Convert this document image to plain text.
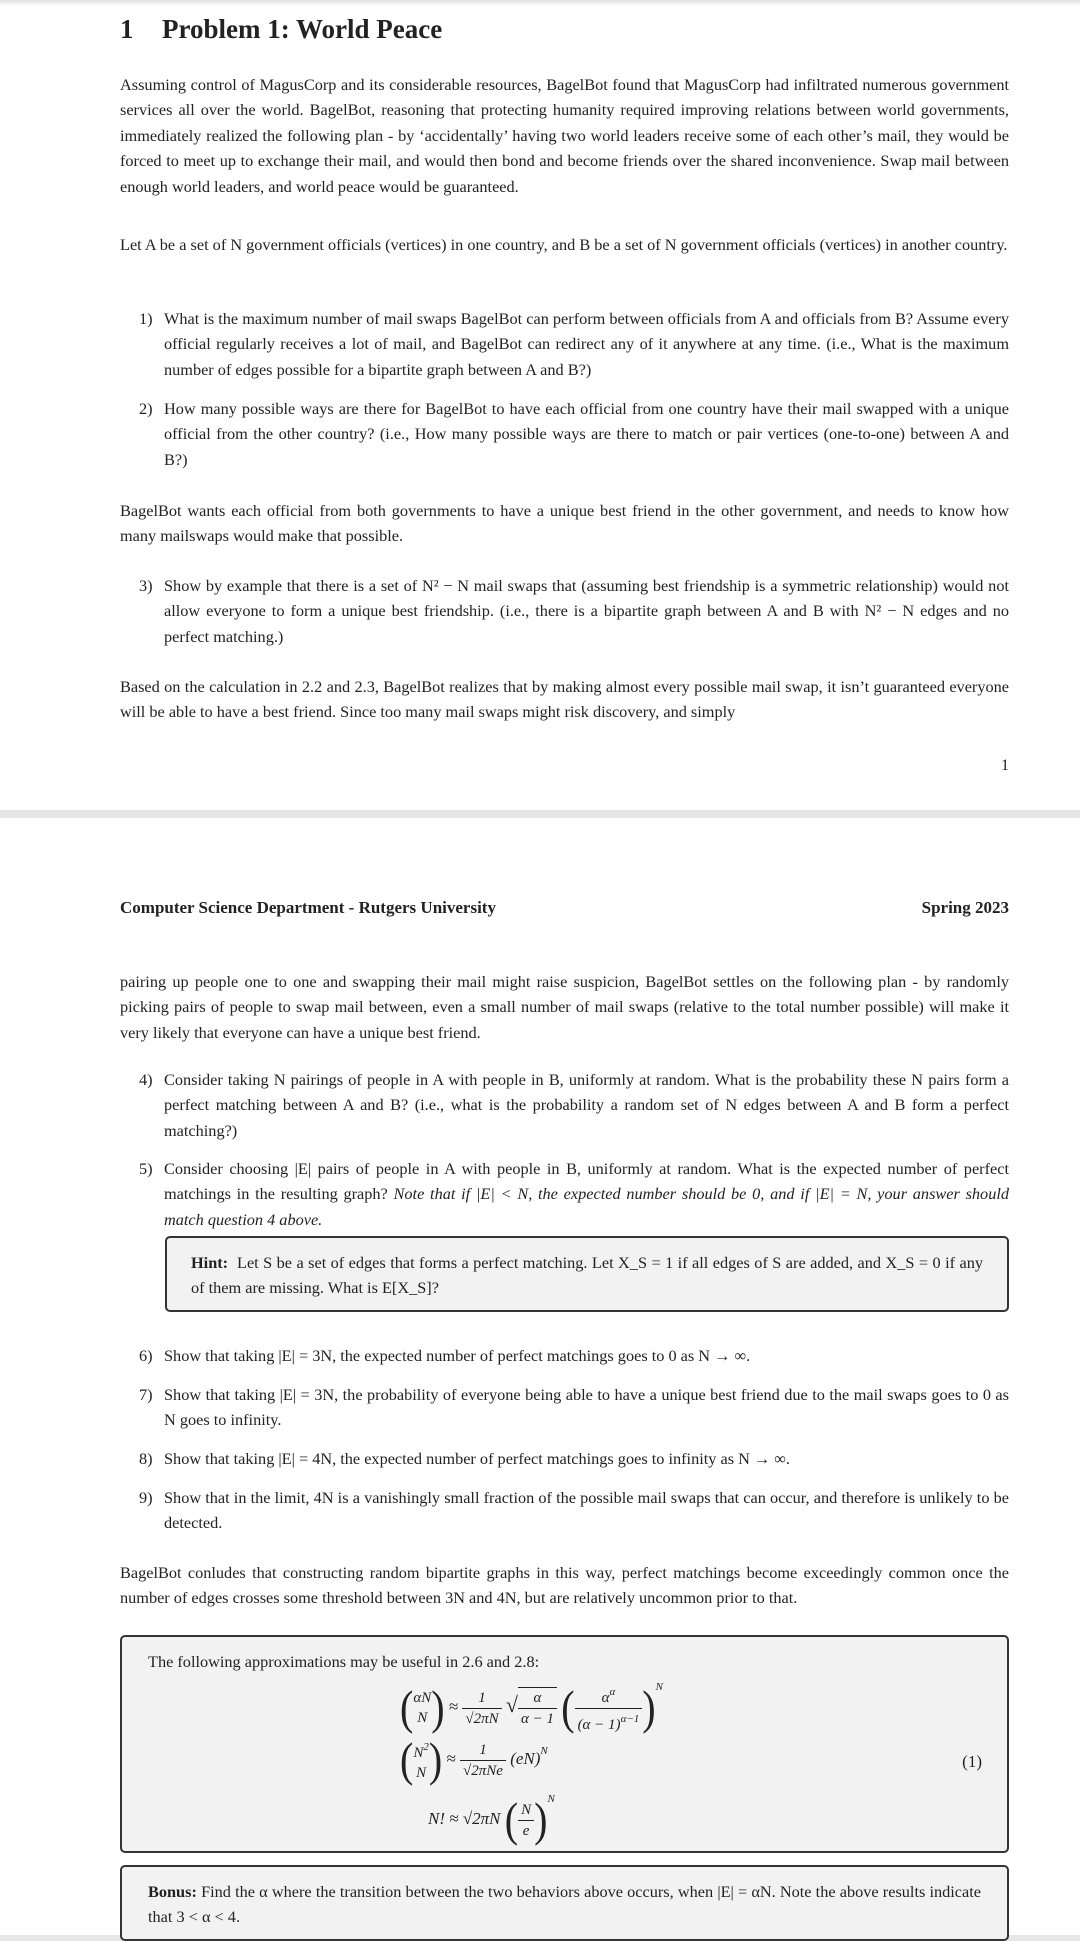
1 Problem 1: World Peace

Assuming control of MagusCorp and its considerable resources, BagelBot found that MagusCorp had infiltrated numerous government services all over the world. BagelBot, reasoning that protecting humanity required improving relations between world governments, immediately realized the following plan - by ‘accidentally’ having two world leaders receive some of each other’s mail, they would be forced to meet up to exchange their mail, and would then bond and become friends over the shared inconvenience. Swap mail between enough world leaders, and world peace would be guaranteed.

Let A be a set of N government officials (vertices) in one country, and B be a set of N government officials (vertices) in another country.

1) What is the maximum number of mail swaps BagelBot can perform between officials from A and officials from B? Assume every official regularly receives a lot of mail, and BagelBot can redirect any of it anywhere at any time. (i.e., What is the maximum number of edges possible for a bipartite graph between A and B?)
2) How many possible ways are there for BagelBot to have each official from one country have their mail swapped with a unique official from the other country? (i.e., How many possible ways are there to match or pair vertices (one-to-one) between A and B?)

BagelBot wants each official from both governments to have a unique best friend in the other government, and needs to know how many mailswaps would make that possible.

3) Show by example that there is a set of N² − N mail swaps that (assuming best friendship is a symmetric relationship) would not allow everyone to form a unique best friendship. (i.e., there is a bipartite graph between A and B with N² − N edges and no perfect matching.)

Based on the calculation in 2.2 and 2.3, BagelBot realizes that by making almost every possible mail swap, it isn’t guaranteed everyone will be able to have a best friend. Since too many mail swaps might risk discovery, and simply

1
Computer Science Department - Rutgers University	Spring 2023

pairing up people one to one and swapping their mail might raise suspicion, BagelBot settles on the following plan - by randomly picking pairs of people to swap mail between, even a small number of mail swaps (relative to the total number possible) will make it very likely that everyone can have a unique best friend.

4) Consider taking N pairings of people in A with people in B, uniformly at random. What is the probability these N pairs form a perfect matching between A and B? (i.e., what is the probability a random set of N edges between A and B form a perfect matching?)
5) Consider choosing |E| pairs of people in A with people in B, uniformly at random. What is the expected number of perfect matchings in the resulting graph? Note that if |E| < N, the expected number should be 0, and if |E| = N, your answer should match question 4 above.

Hint: Let S be a set of edges that forms a perfect matching. Let X_S = 1 if all edges of S are added, and X_S = 0 if any of them are missing. What is E[X_S]?

6) Show that taking |E| = 3N, the expected number of perfect matchings goes to 0 as N → ∞.
7) Show that taking |E| = 3N, the probability of everyone being able to have a unique best friend due to the mail swaps goes to 0 as N goes to infinity.
8) Show that taking |E| = 4N, the expected number of perfect matchings goes to infinity as N → ∞.
9) Show that in the limit, 4N is a vanishingly small fraction of the possible mail swaps that can occur, and therefore is unlikely to be detected.

BagelBot conludes that constructing random bipartite graphs in this way, perfect matchings become exceedingly common once the number of edges crosses some threshold between 3N and 4N, but are relatively uncommon prior to that.

The following approximations may be useful in 2.6 and 2.8:

( αN
N ) ≈ $\frac{1}{√2\pi N}$ √ $\frac{\alpha}{\alpha - 1}$ ( $\frac{\alpha^\alpha}{(\alpha - 1)^{\alpha-1}} )^N$
( $N^2$
N ) ≈ $\frac{1}{\text{√2πNe}} (eN)^N$
N! ≈ √2πN ( $\frac{N}{e} )^N$
(1)

Bonus: Find the α where the transition between the two behaviors above occurs, when |E| = αN. Note the above results indicate that 3 < α < 4.
